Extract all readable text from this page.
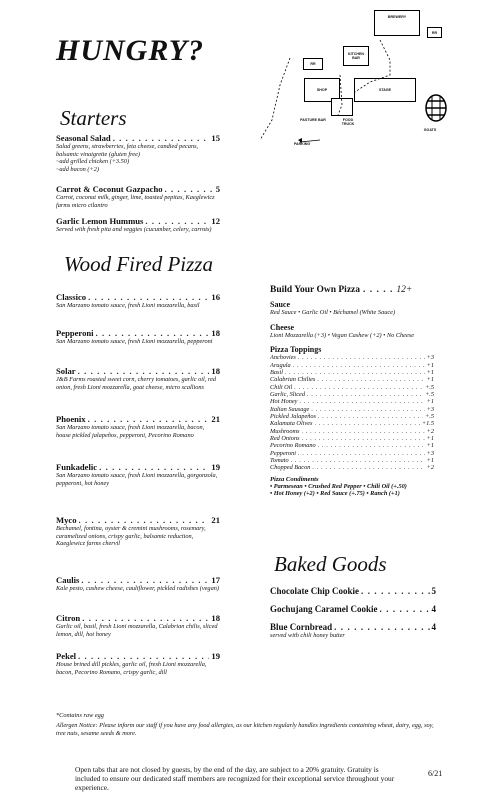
HUNGRY?
BREWERY
RR
KITCHEN BAR
RR
SHOP	STAGE
PASTURE BAR	FOOD TRUCK
GOATS
PARKING
Starters
Seasonal Salad . . .	15
Salad greens, strawberries, feta cheese, candied pecans, balsamic vinaigrette (gluten free)
~add grilled chicken (+3.50)
~add bacon (+2)
Carrot & Coconut Gazpacho . . .	5
Carrot, coconut milk, ginger, lime, toasted pepitas, Kaeglewicz farms micro cilantro
Garlic Lemon Hummus . . .	12
Served with fresh pita and veggies (cucumber, celery, carrots)
Wood Fired Pizza
Classico . . .	16
San Marzano tomato sauce, fresh Lioni mozzarella, basil
Pepperoni . . .	18
San Marzano tomato sauce, fresh Lioni mozzarella, pepperoni
Solar . . .	18
J&B Farms roasted sweet corn, cherry tomatoes, garlic oil, red onion, fresh Lioni mozzarella, goat cheese, micro scallions
Phoenix . . .	21
San Marzano tomato sauce, fresh Lioni mozzarella, bacon, house pickled jalapeños, pepperoni, Pecorino Romano
Funkadelic . . .	19
San Marzano tomato sauce, fresh Lioni mozzarella, gorgonzola, pepperoni, hot honey
Myco . . .	21
Bechamel, fontina, oyster & cremini mushrooms, rosemary, caramelized onions, crispy garlic, balsamic reduction, Kaeglewicz farms chervil
Caulis . . .	17
Kale pesto, cashew cheese, cauliflower, pickled radishes (vegan)
Citron . . .	18
Garlic oil, basil, fresh Lioni mozzarella, Calabrian chilis, sliced lemon, dill, hot honey
Pekel . . .	19
House brined dill pickles, garlic oil, fresh Lioni mozzarella, bacon, Pecorino Romano, crispy garlic, dill
Build Your Own Pizza . . . . . 12+
Sauce
Red Sauce • Garlic Oil • Béchamel (White Sauce)
Cheese
Lioni Mozzarella (+3) • Vegan Cashew (+2) • No Cheese
Pizza Toppings
Anchovies . . .	+3
Arugula . . .	+1
Basil . . .	+1
Calabrian Chilies . . .	+1
Chili Oil . . .	+.5
Garlic, Sliced . . .	+.5
Hot Honey . . .	+1
Italian Sausage . . .	+3
Pickled Jalapeños . . .	+.5
Kalamata Olives . . .	+1.5
Mushrooms . . .	+2
Red Onions . . .	+1
Pecorino Romano . . .	+1
Pepperoni . . .	+3
Tomato . . .	+1
Chopped Bacon . . .	+2
Pizza Condiments
• Parmesean • Crushed Red Pepper • Chili Oil (+.50)
• Hot Honey (+2) • Red Sauce (+.75) • Ranch (+1)
Baked Goods
Chocolate Chip Cookie . . .	5
Gochujang Caramel Cookie . . .	4
Blue Cornbread . . .	4
served with chili honey butter
*Contains raw egg
Allergen Notice: Please inform our staff if you have any food allergies, as our kitchen regularly handles ingredients containing wheat, dairy, egg, soy, tree nuts, sesame seeds & more.
Open tabs that are not closed by guests, by the end of the day, are subject to a 20% gratuity. Gratuity is included to ensure our dedicated staff members are recognized for their exceptional service throughout your experience.
6/21
